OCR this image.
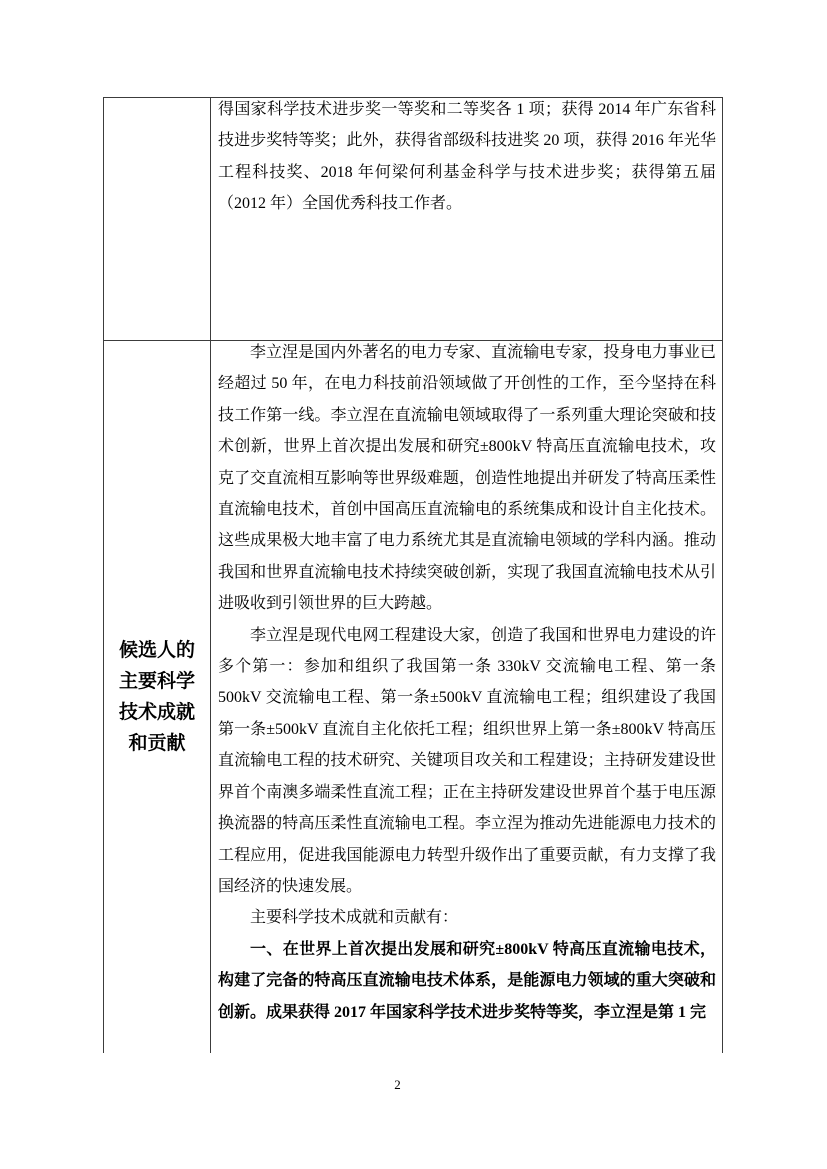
得国家科学技术进步奖一等奖和二等奖各 1 项；获得 2014 年广东省科技进步奖特等奖；此外，获得省部级科技进奖 20 项，获得 2016 年光华工程科技奖、2018 年何梁何利基金科学与技术进步奖；获得第五届（2012 年）全国优秀科技工作者。

候选人的主要科学技术成就和贡献

李立涅是国内外著名的电力专家、直流输电专家，投身电力事业已经超过 50 年，在电力科技前沿领域做了开创性的工作，至今坚持在科技工作第一线。李立涅在直流输电领域取得了一系列重大理论突破和技术创新，世界上首次提出发展和研究±800kV 特高压直流输电技术，攻克了交直流相互影响等世界级难题，创造性地提出并研发了特高压柔性直流输电技术，首创中国高压直流输电的系统集成和设计自主化技术。这些成果极大地丰富了电力系统尤其是直流输电领域的学科内涵。推动我国和世界直流输电技术持续突破创新，实现了我国直流输电技术从引进吸收到引领世界的巨大跨越。

李立涅是现代电网工程建设大家，创造了我国和世界电力建设的许多个第一：参加和组织了我国第一条 330kV 交流输电工程、第一条 500kV 交流输电工程、第一条±500kV 直流输电工程；组织建设了我国第一条±500kV 直流自主化依托工程；组织世界上第一条±800kV 特高压直流输电工程的技术研究、关键项目攻关和工程建设；主持研发建设世界首个南澳多端柔性直流工程；正在主持研发建设世界首个基于电压源换流器的特高压柔性直流输电工程。李立涅为推动先进能源电力技术的工程应用，促进我国能源电力转型升级作出了重要贡献，有力支撑了我国经济的快速发展。

主要科学技术成就和贡献有：

一、在世界上首次提出发展和研究±800kV 特高压直流输电技术，构建了完备的特高压直流输电技术体系，是能源电力领域的重大突破和创新。成果获得 2017 年国家科学技术进步奖特等奖，李立涅是第 1 完

2
